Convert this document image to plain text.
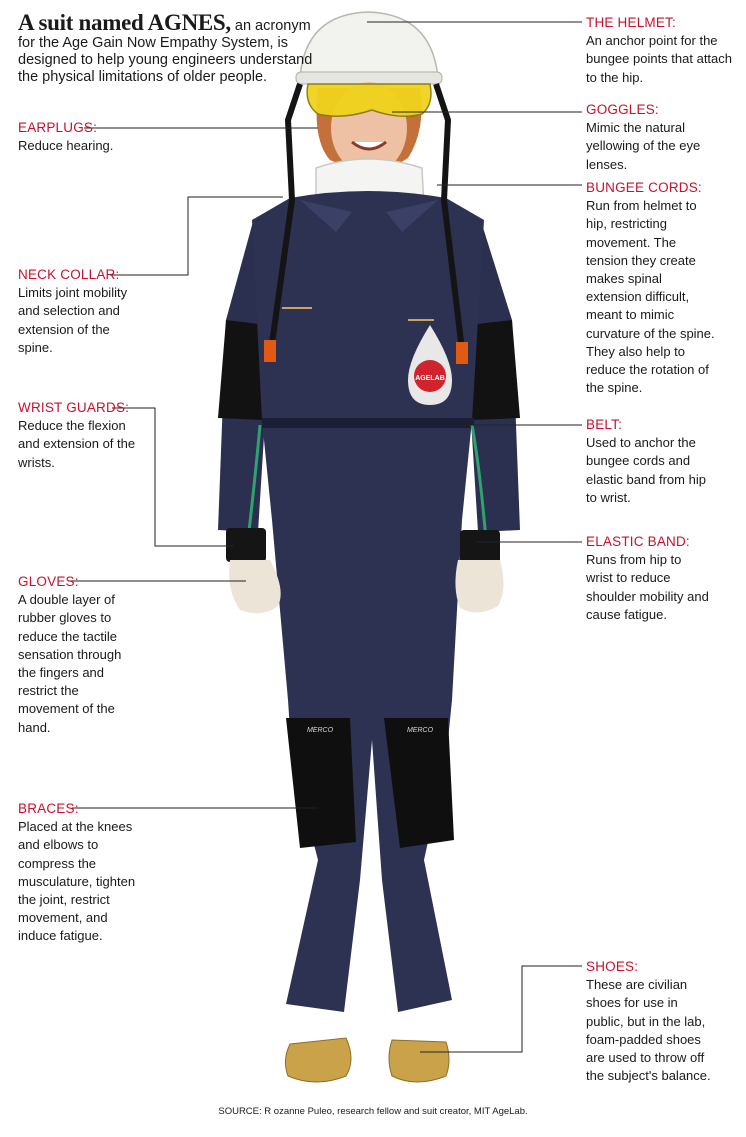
AGELAB
MERCO	MERCO
A suit named AGNES, an acronym for the Age Gain Now Empathy System, is designed to help young engineers understand the physical limitations of older people.
THE HELMET:
An anchor point for the bungee points that attach to the hip.
GOGGLES:
Mimic the natural yellowing of the eye lenses.
BUNGEE CORDS:
Run from helmet to hip, restricting movement. The tension they create makes spinal extension difficult, meant to mimic curvature of the spine. They also help to reduce the rotation of the spine.
BELT:
Used to anchor the bungee cords and elastic band from hip to wrist.
ELASTIC BAND:
Runs from hip to wrist to reduce shoulder mobility and cause fatigue.
SHOES:
These are civilian shoes for use in public, but in the lab, foam-padded shoes are used to throw off the subject's balance.
EARPLUGS:
Reduce hearing.
NECK COLLAR:
Limits joint mobility and selection and extension of the spine.
WRIST GUARDS:
Reduce the flexion and extension of the wrists.
GLOVES:
A double layer of rubber gloves to reduce the tactile sensation through the fingers and restrict the movement of the hand.
BRACES:
Placed at the knees and elbows to compress the musculature, tighten the joint, restrict movement, and induce fatigue.
SOURCE: R ozanne Puleo, research fellow and suit creator, MIT AgeLab.
